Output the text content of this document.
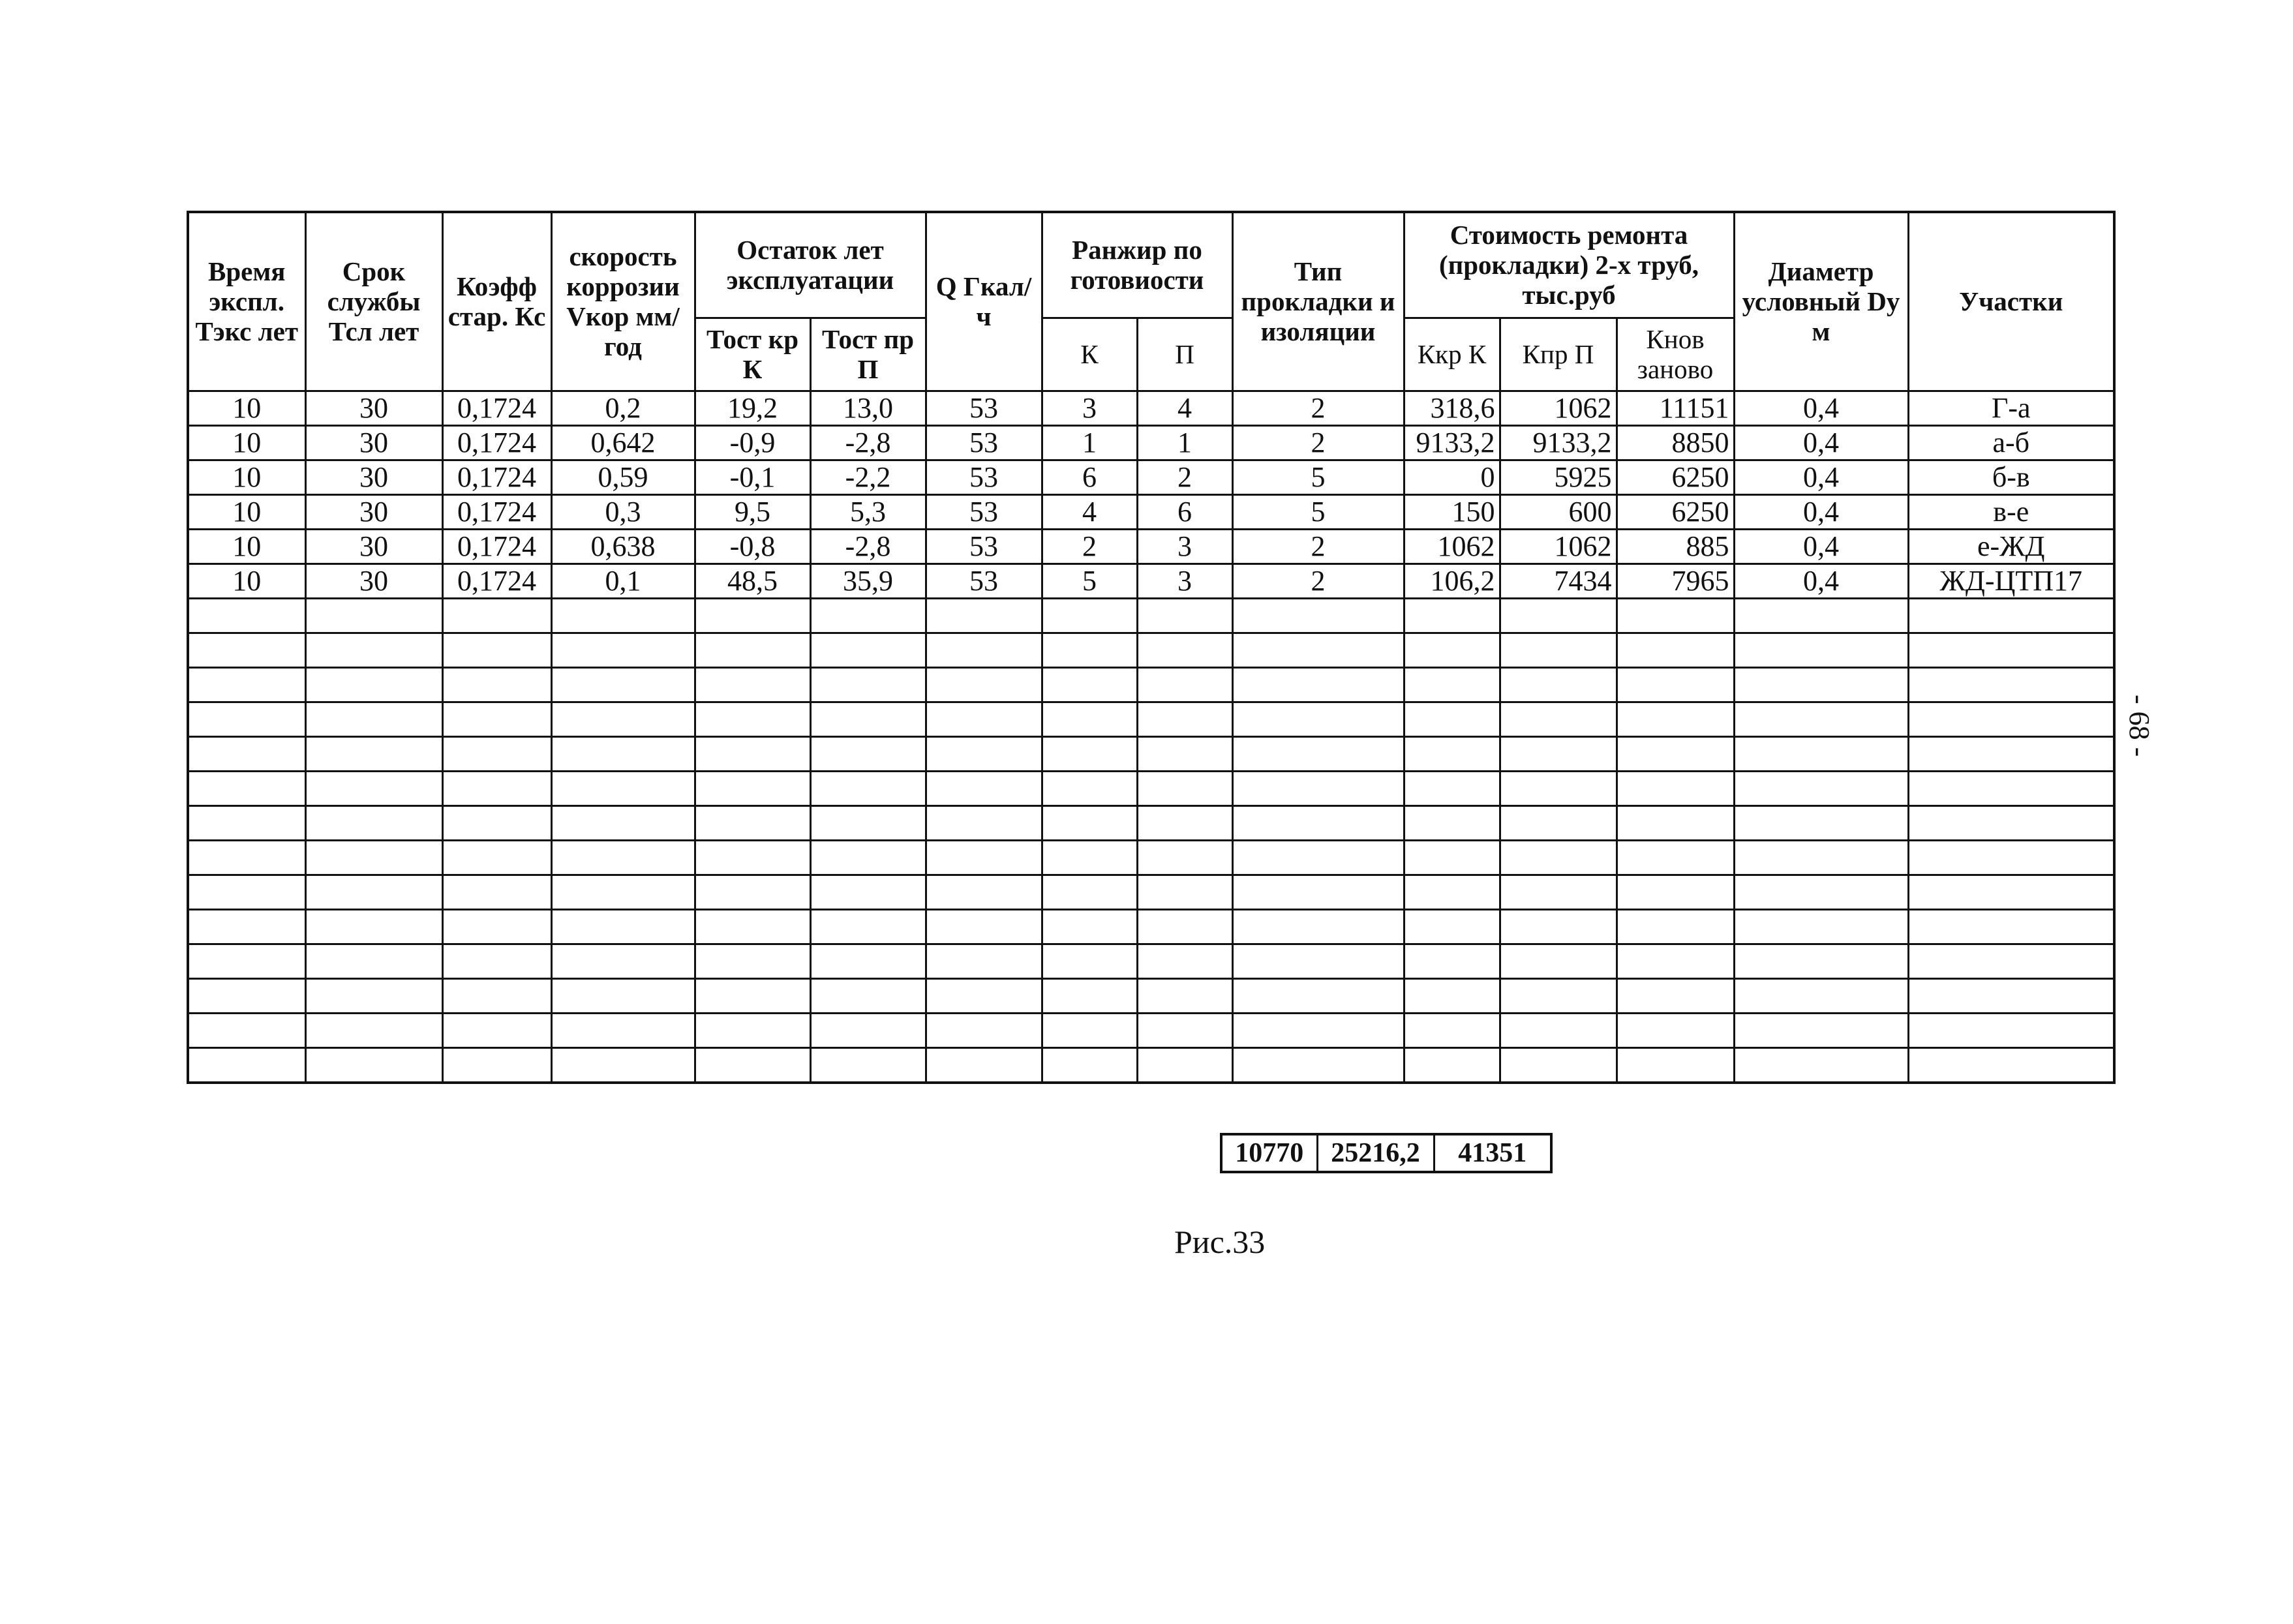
Время экспл. Тэкс лет	Срок службы Тсл лет	Коэфф стар. Кс	скорость коррозии Vкор мм/год	Остаток лет эксплуатации		Q Гкал/ч	Ранжир по готовиости		Тип прокладки и изоляции	Стоимость ремонта (прокладки) 2-х труб, тыс.руб			Диаметр условный Dу м	Участки
				Тост кр К	Тост пр П		К	П		Ккр К	Кпр П	Кнов заново		
10	30	0,1724	0,2	19,2	13,0	53	3	4	2	318,6	1062	11151	0,4	Г-а
10	30	0,1724	0,642	-0,9	-2,8	53	1	1	2	9133,2	9133,2	8850	0,4	а-б
10	30	0,1724	0,59	-0,1	-2,2	53	6	2	5	0	5925	6250	0,4	б-в
10	30	0,1724	0,3	9,5	5,3	53	4	6	5	150	600	6250	0,4	в-е
10	30	0,1724	0,638	-0,8	-2,8	53	2	3	2	1062	1062	885	0,4	е-ЖД
10	30	0,1724	0,1	48,5	35,9	53	5	3	2	106,2	7434	7965	0,4	ЖД-ЦТП17

10770	25216,2	41351
Рис.33
- 68 -
